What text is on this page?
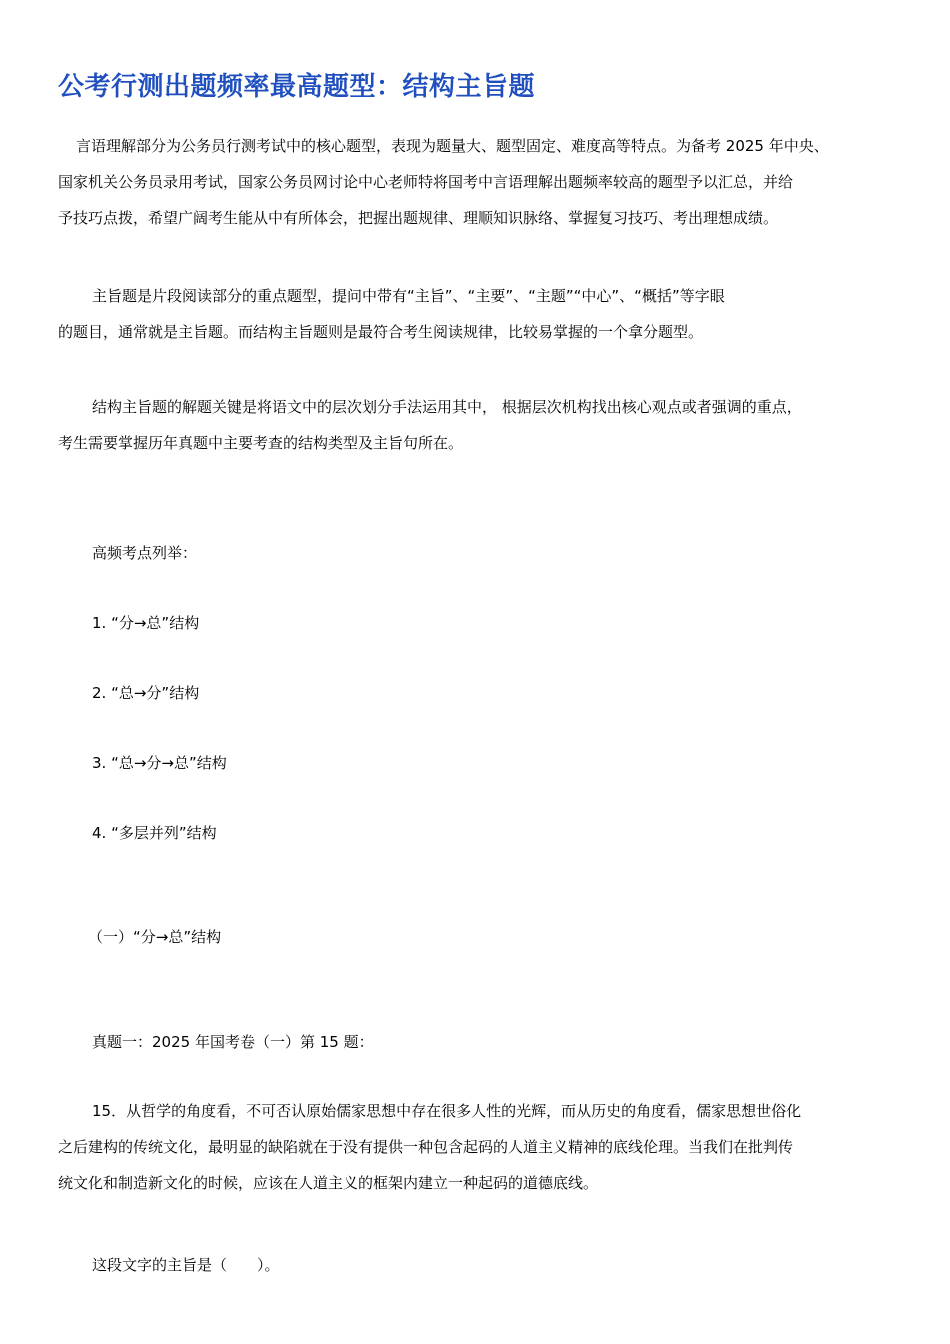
公考行测出题频率最高题型：结构主旨题

言语理解部分为公务员行测考试中的核心题型，表现为题量大、题型固定、难度高等特点。为备考 2025 年中央、
国家机关公务员录用考试，国家公务员网讨论中心老师特将国考中言语理解出题频率较高的题型予以汇总，并给
予技巧点拨，希望广阔考生能从中有所体会，把握出题规律、理顺知识脉络、掌握复习技巧、考出理想成绩。

主旨题是片段阅读部分的重点题型，提问中带有“主旨”、“主要”、“主题”“中心”、“概括”等字眼
的题目，通常就是主旨题。而结构主旨题则是最符合考生阅读规律，比较易掌握的一个拿分题型。

结构主旨题的解题关键是将语文中的层次划分手法运用其中， 根据层次机构找出核心观点或者强调的重点，
考生需要掌握历年真题中主要考查的结构类型及主旨句所在。

高频考点列举：
1. “分→总”结构
2. “总→分”结构
3. “总→分→总”结构
4. “多层并列”结构
（一）“分→总”结构
真题一：2025 年国考卷（一）第 15 题：

15．从哲学的角度看，不可否认原始儒家思想中存在很多人性的光辉，而从历史的角度看，儒家思想世俗化
之后建构的传统文化，最明显的缺陷就在于没有提供一种包含起码的人道主义精神的底线伦理。当我们在批判传
统文化和制造新文化的时候，应该在人道主义的框架内建立一种起码的道德底线。

这段文字的主旨是（　　）。
